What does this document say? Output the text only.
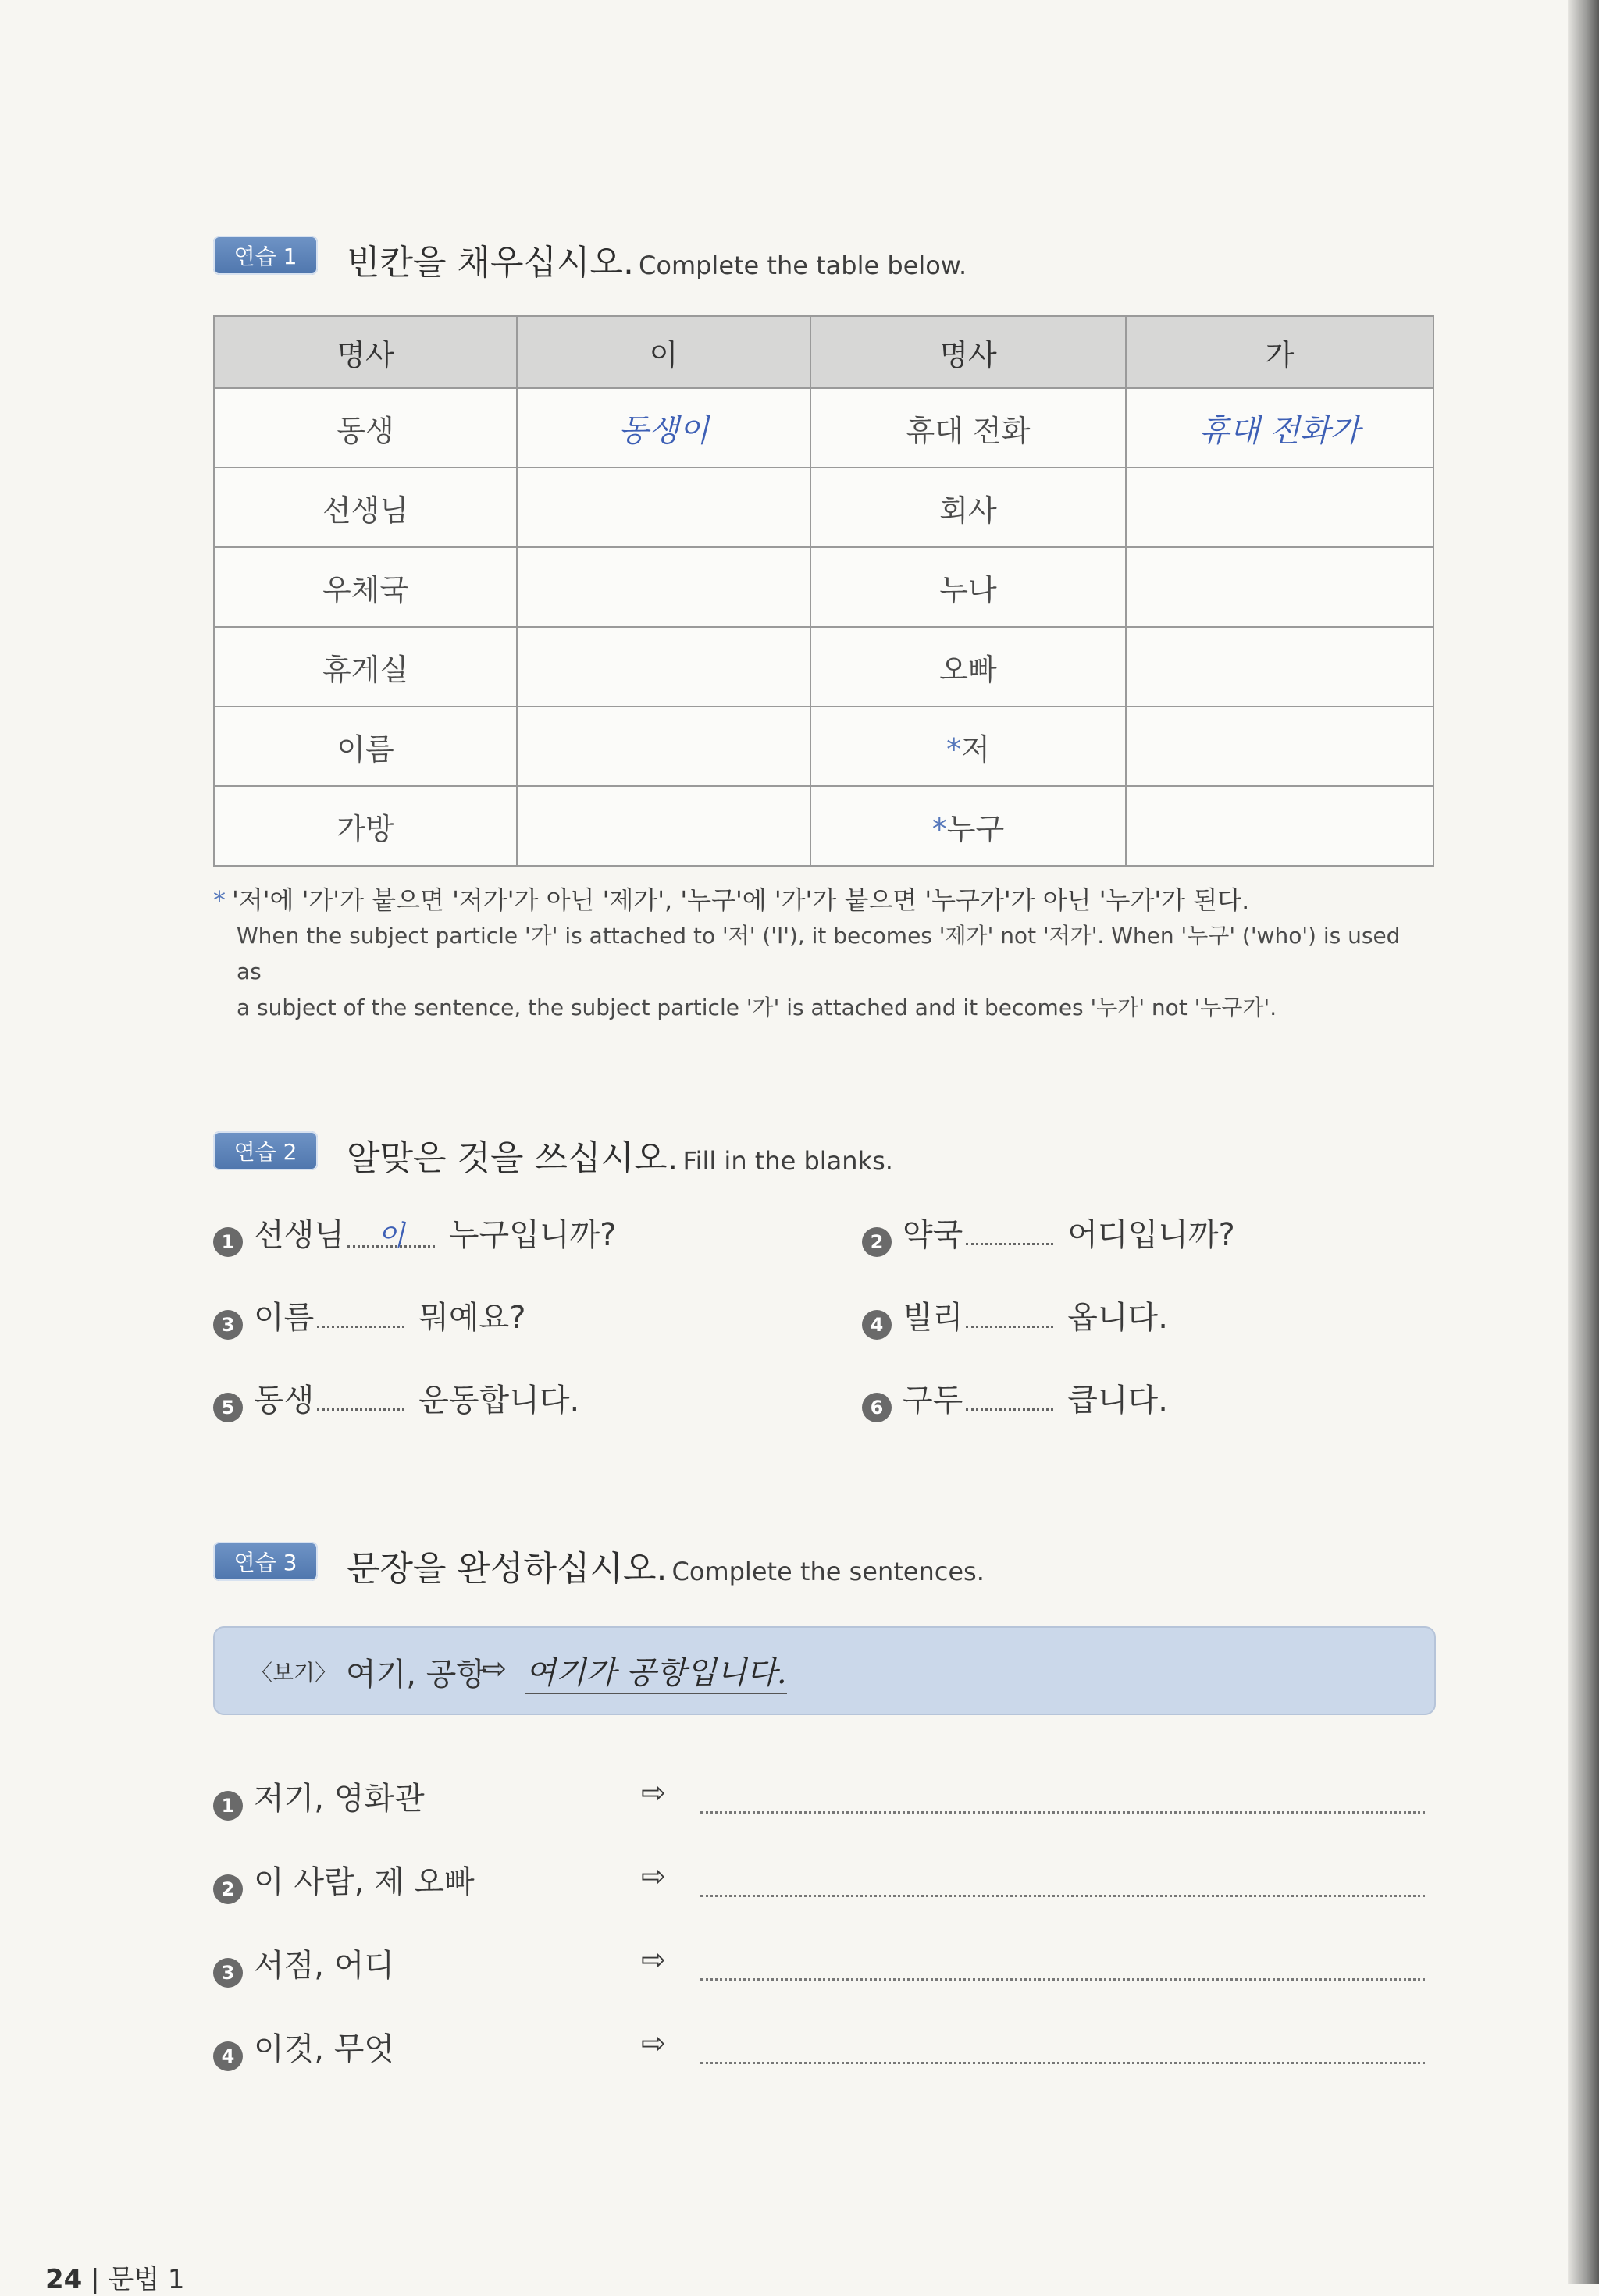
연습 1	빈칸을 채우십시오. Complete the table below.
명사	이	명사	가
동생	동생이	휴대 전화	휴대 전화가
선생님		회사	
우체국		누나	
휴게실		오빠	
이름		*저	
가방		*누구	
* '저'에 '가'가 붙으면 '저가'가 아닌 '제가', '누구'에 '가'가 붙으면 '누구가'가 아닌 '누가'가 된다.
When the subject particle '가' is attached to '저' ('I'), it becomes '제가' not '저가'. When '누구' ('who') is used as
a subject of the sentence, the subject particle '가' is attached and it becomes '누가' not '누구가'.
연습 2	알맞은 것을 쓰십시오. Fill in the blanks.
1 선생님	이	누구입니까?	2 약국	어디입니까?
3 이름	뭐예요?	4 빌리	옵니다.
5 동생	운동합니다.	6 구두	큽니다.
연습 3	문장을 완성하십시오. Complete the sentences.
〈보기〉 여기, 공항
⇨ 여기가 공항입니다.
1 저기, 영화관	⇨
2 이 사람, 제 오빠	⇨
3 서점, 어디	⇨
4 이것, 무엇	⇨
24 | 문법 1
